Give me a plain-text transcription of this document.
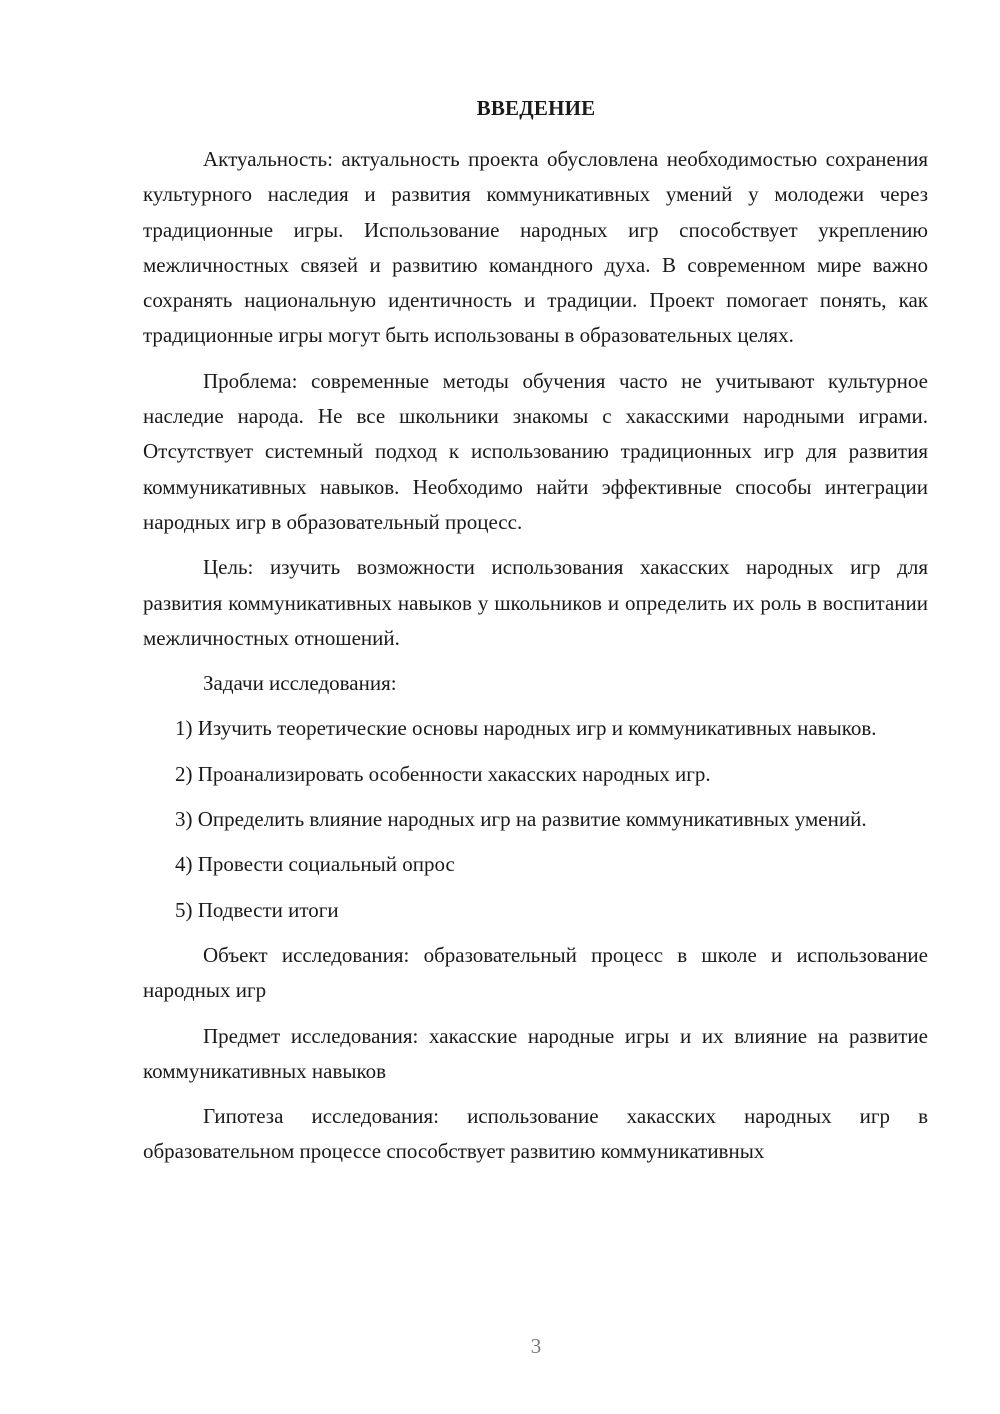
ВВЕДЕНИЕ

Актуальность: актуальность проекта обусловлена необходимостью сохранения культурного наследия и развития коммуникативных умений у молодежи через традиционные игры. Использование народных игр способствует укреплению межличностных связей и развитию командного духа. В современном мире важно сохранять национальную идентичность и традиции. Проект помогает понять, как традиционные игры могут быть использованы в образовательных целях.

Проблема: современные методы обучения часто не учитывают культурное наследие народа. Не все школьники знакомы с хакасскими народными играми. Отсутствует системный подход к использованию традиционных игр для развития коммуникативных навыков. Необходимо найти эффективные способы интеграции народных игр в образовательный процесс.

Цель: изучить возможности использования хакасских народных игр для развития коммуникативных навыков у школьников и определить их роль в воспитании межличностных отношений.

Задачи исследования:

1) Изучить теоретические основы народных игр и коммуникативных навыков.

2) Проанализировать особенности хакасских народных игр.

3) Определить влияние народных игр на развитие коммуникативных умений.

4) Провести социальный опрос

5) Подвести итоги

Объект исследования: образовательный процесс в школе и использование народных игр

Предмет исследования: хакасские народные игры и их влияние на развитие коммуникативных навыков

Гипотеза исследования: использование хакасских народных игр в образовательном процессе способствует развитию коммуникативных

3
